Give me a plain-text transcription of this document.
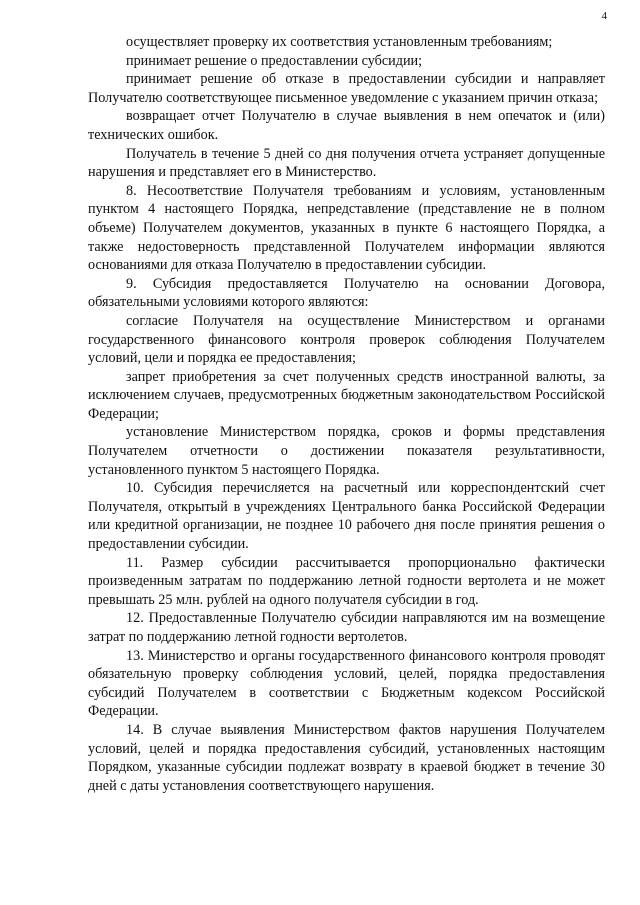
4

осуществляет проверку их соответствия установленным требованиям;

принимает решение о предоставлении субсидии;

принимает решение об отказе в предоставлении субсидии и направляет Получателю соответствующее письменное уведомление с указанием причин отказа;

возвращает отчет Получателю в случае выявления в нем опечаток и (или) технических ошибок.

Получатель в течение 5 дней со дня получения отчета устраняет допущенные нарушения и представляет его в Министерство.

8. Несоответствие Получателя требованиям и условиям, установленным пунктом 4 настоящего Порядка, непредставление (представление не в полном объеме) Получателем документов, указанных в пункте 6 настоящего Порядка, а также недостоверность представленной Получателем информации являются основаниями для отказа Получателю в предоставлении субсидии.

9. Субсидия предоставляется Получателю на основании Договора, обязательными условиями которого являются:

согласие Получателя на осуществление Министерством и органами государственного финансового контроля проверок соблюдения Получателем условий, цели и порядка ее предоставления;

запрет приобретения за счет полученных средств иностранной валюты, за исключением случаев, предусмотренных бюджетным законодательством Российской Федерации;

установление Министерством порядка, сроков и формы представления Получателем отчетности о достижении показателя результативности, установленного пунктом 5 настоящего Порядка.

10. Субсидия перечисляется на расчетный или корреспондентский счет Получателя, открытый в учреждениях Центрального банка Российской Федерации или кредитной организации, не позднее 10 рабочего дня после принятия решения о предоставлении субсидии.

11. Размер субсидии рассчитывается пропорционально фактически произведенным затратам по поддержанию летной годности вертолета и не может превышать 25 млн. рублей на одного получателя субсидии в год.

12. Предоставленные Получателю субсидии направляются им на возмещение затрат по поддержанию летной годности вертолетов.

13. Министерство и органы государственного финансового контроля проводят обязательную проверку соблюдения условий, целей, порядка предоставления субсидий Получателем в соответствии с Бюджетным кодексом Российской Федерации.

14. В случае выявления Министерством фактов нарушения Получателем условий, целей и порядка предоставления субсидий, установленных настоящим Порядком, указанные субсидии подлежат возврату в краевой бюджет в течение 30 дней с даты установления соответствующего нарушения.
